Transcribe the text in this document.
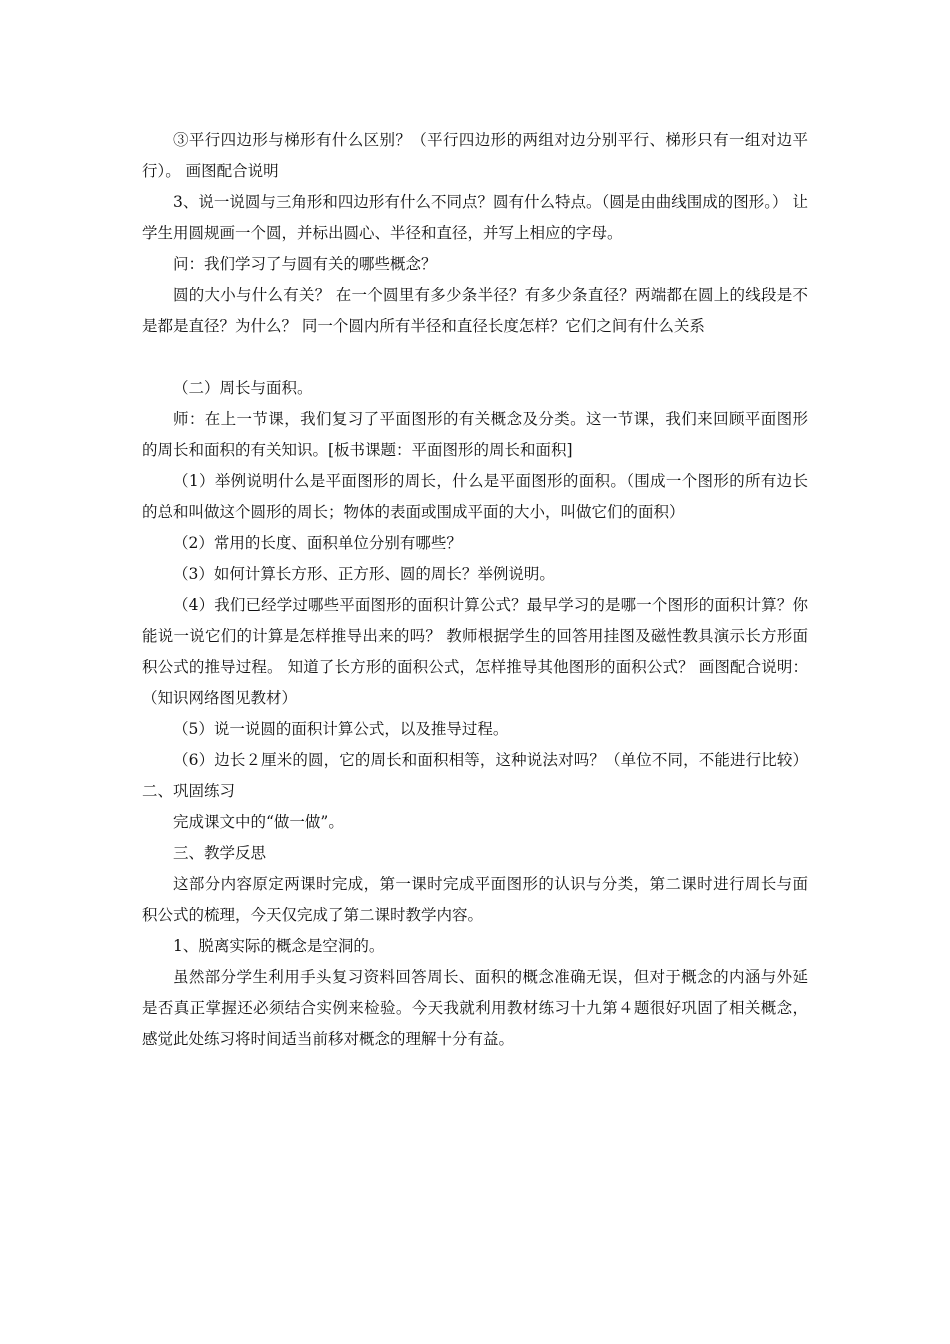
③平行四边形与梯形有什么区别？（平行四边形的两组对边分别平行、梯形只有一组对边平行）。 画图配合说明

3、说一说圆与三角形和四边形有什么不同点？圆有什么特点。（圆是由曲线围成的图形。） 让学生用圆规画一个圆，并标出圆心、半径和直径，并写上相应的字母。

问：我们学习了与圆有关的哪些概念？

圆的大小与什么有关？ 在一个圆里有多少条半径？有多少条直径？两端都在圆上的线段是不是都是直径？为什么？ 同一个圆内所有半径和直径长度怎样？它们之间有什么关系

（二）周长与面积。

师：在上一节课，我们复习了平面图形的有关概念及分类。这一节课，我们来回顾平面图形的周长和面积的有关知识。[板书课题：平面图形的周长和面积]

（1）举例说明什么是平面图形的周长，什么是平面图形的面积。（围成一个图形的所有边长的总和叫做这个圆形的周长；物体的表面或围成平面的大小，叫做它们的面积）

（2）常用的长度、面积单位分别有哪些？

（3）如何计算长方形、正方形、圆的周长？举例说明。

（4）我们已经学过哪些平面图形的面积计算公式？最早学习的是哪一个图形的面积计算？你能说一说它们的计算是怎样推导出来的吗？ 教师根据学生的回答用挂图及磁性教具演示长方形面积公式的推导过程。 知道了长方形的面积公式，怎样推导其他图形的面积公式？ 画图配合说明：（知识网络图见教材）

（5）说一说圆的面积计算公式，以及推导过程。

（6）边长２厘米的圆，它的周长和面积相等，这种说法对吗？（单位不同，不能进行比较） 二、巩固练习

完成课文中的“做一做”。

三、教学反思

这部分内容原定两课时完成，第一课时完成平面图形的认识与分类，第二课时进行周长与面积公式的梳理，今天仅完成了第二课时教学内容。

1、脱离实际的概念是空洞的。

虽然部分学生利用手头复习资料回答周长、面积的概念准确无误，但对于概念的内涵与外延是否真正掌握还必须结合实例来检验。今天我就利用教材练习十九第４题很好巩固了相关概念，感觉此处练习将时间适当前移对概念的理解十分有益。
